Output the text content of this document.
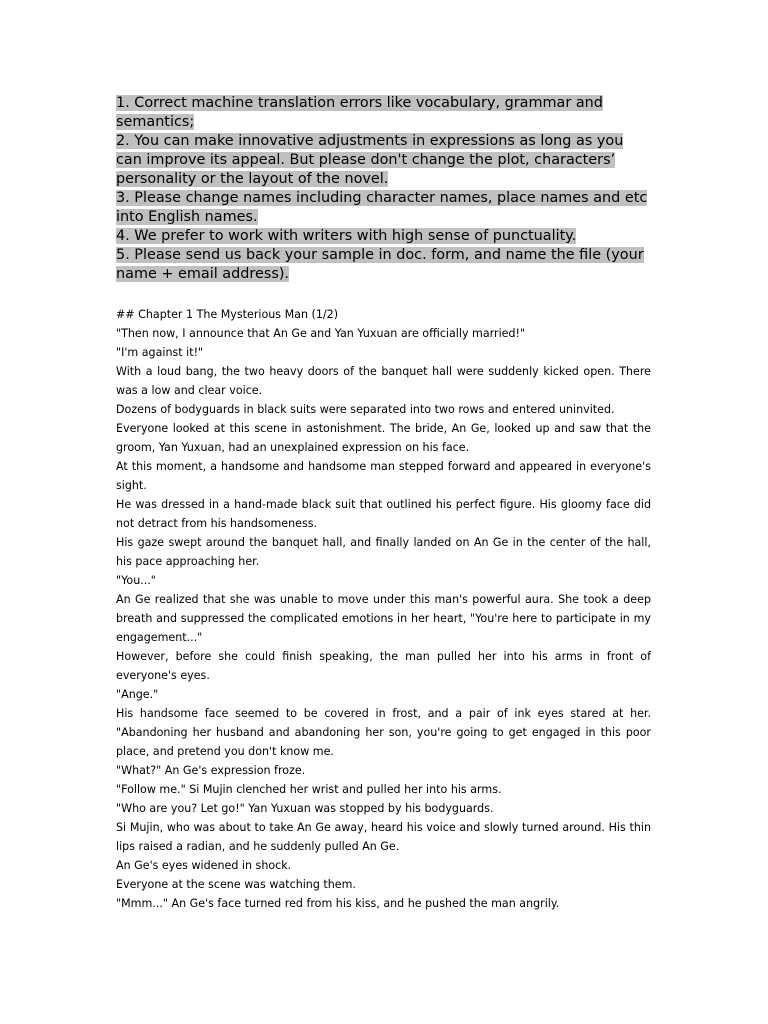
1. Correct machine translation errors like vocabulary, grammar and semantics;

2. You can make innovative adjustments in expressions as long as you can improve its appeal. But please don't change the plot, characters’ personality or the layout of the novel.

3. Please change names including character names, place names and etc into English names.

4. We prefer to work with writers with high sense of punctuality.

5. Please send us back your sample in doc. form, and name the file (your name + email address).

## Chapter 1 The Mysterious Man (1/2)

"Then now, I announce that An Ge and Yan Yuxuan are officially married!"

"I'm against it!"

With a loud bang, the two heavy doors of the banquet hall were suddenly kicked open. There was a low and clear voice.

Dozens of bodyguards in black suits were separated into two rows and entered uninvited.

Everyone looked at this scene in astonishment. The bride, An Ge, looked up and saw that the groom, Yan Yuxuan, had an unexplained expression on his face.

At this moment, a handsome and handsome man stepped forward and appeared in everyone's sight.

He was dressed in a hand-made black suit that outlined his perfect figure. His gloomy face did not detract from his handsomeness.

His gaze swept around the banquet hall, and finally landed on An Ge in the center of the hall, his pace approaching her.

"You..."

An Ge realized that she was unable to move under this man's powerful aura. She took a deep breath and suppressed the complicated emotions in her heart, "You're here to participate in my engagement..."

However, before she could finish speaking, the man pulled her into his arms in front of everyone's eyes.

"Ange."

His handsome face seemed to be covered in frost, and a pair of ink eyes stared at her. "Abandoning her husband and abandoning her son, you're going to get engaged in this poor place, and pretend you don't know me.

"What?" An Ge's expression froze.

"Follow me." Si Mujin clenched her wrist and pulled her into his arms.

"Who are you? Let go!" Yan Yuxuan was stopped by his bodyguards.

Si Mujin, who was about to take An Ge away, heard his voice and slowly turned around. His thin lips raised a radian, and he suddenly pulled An Ge.

An Ge's eyes widened in shock.

Everyone at the scene was watching them.

"Mmm..." An Ge's face turned red from his kiss, and he pushed the man angrily.
